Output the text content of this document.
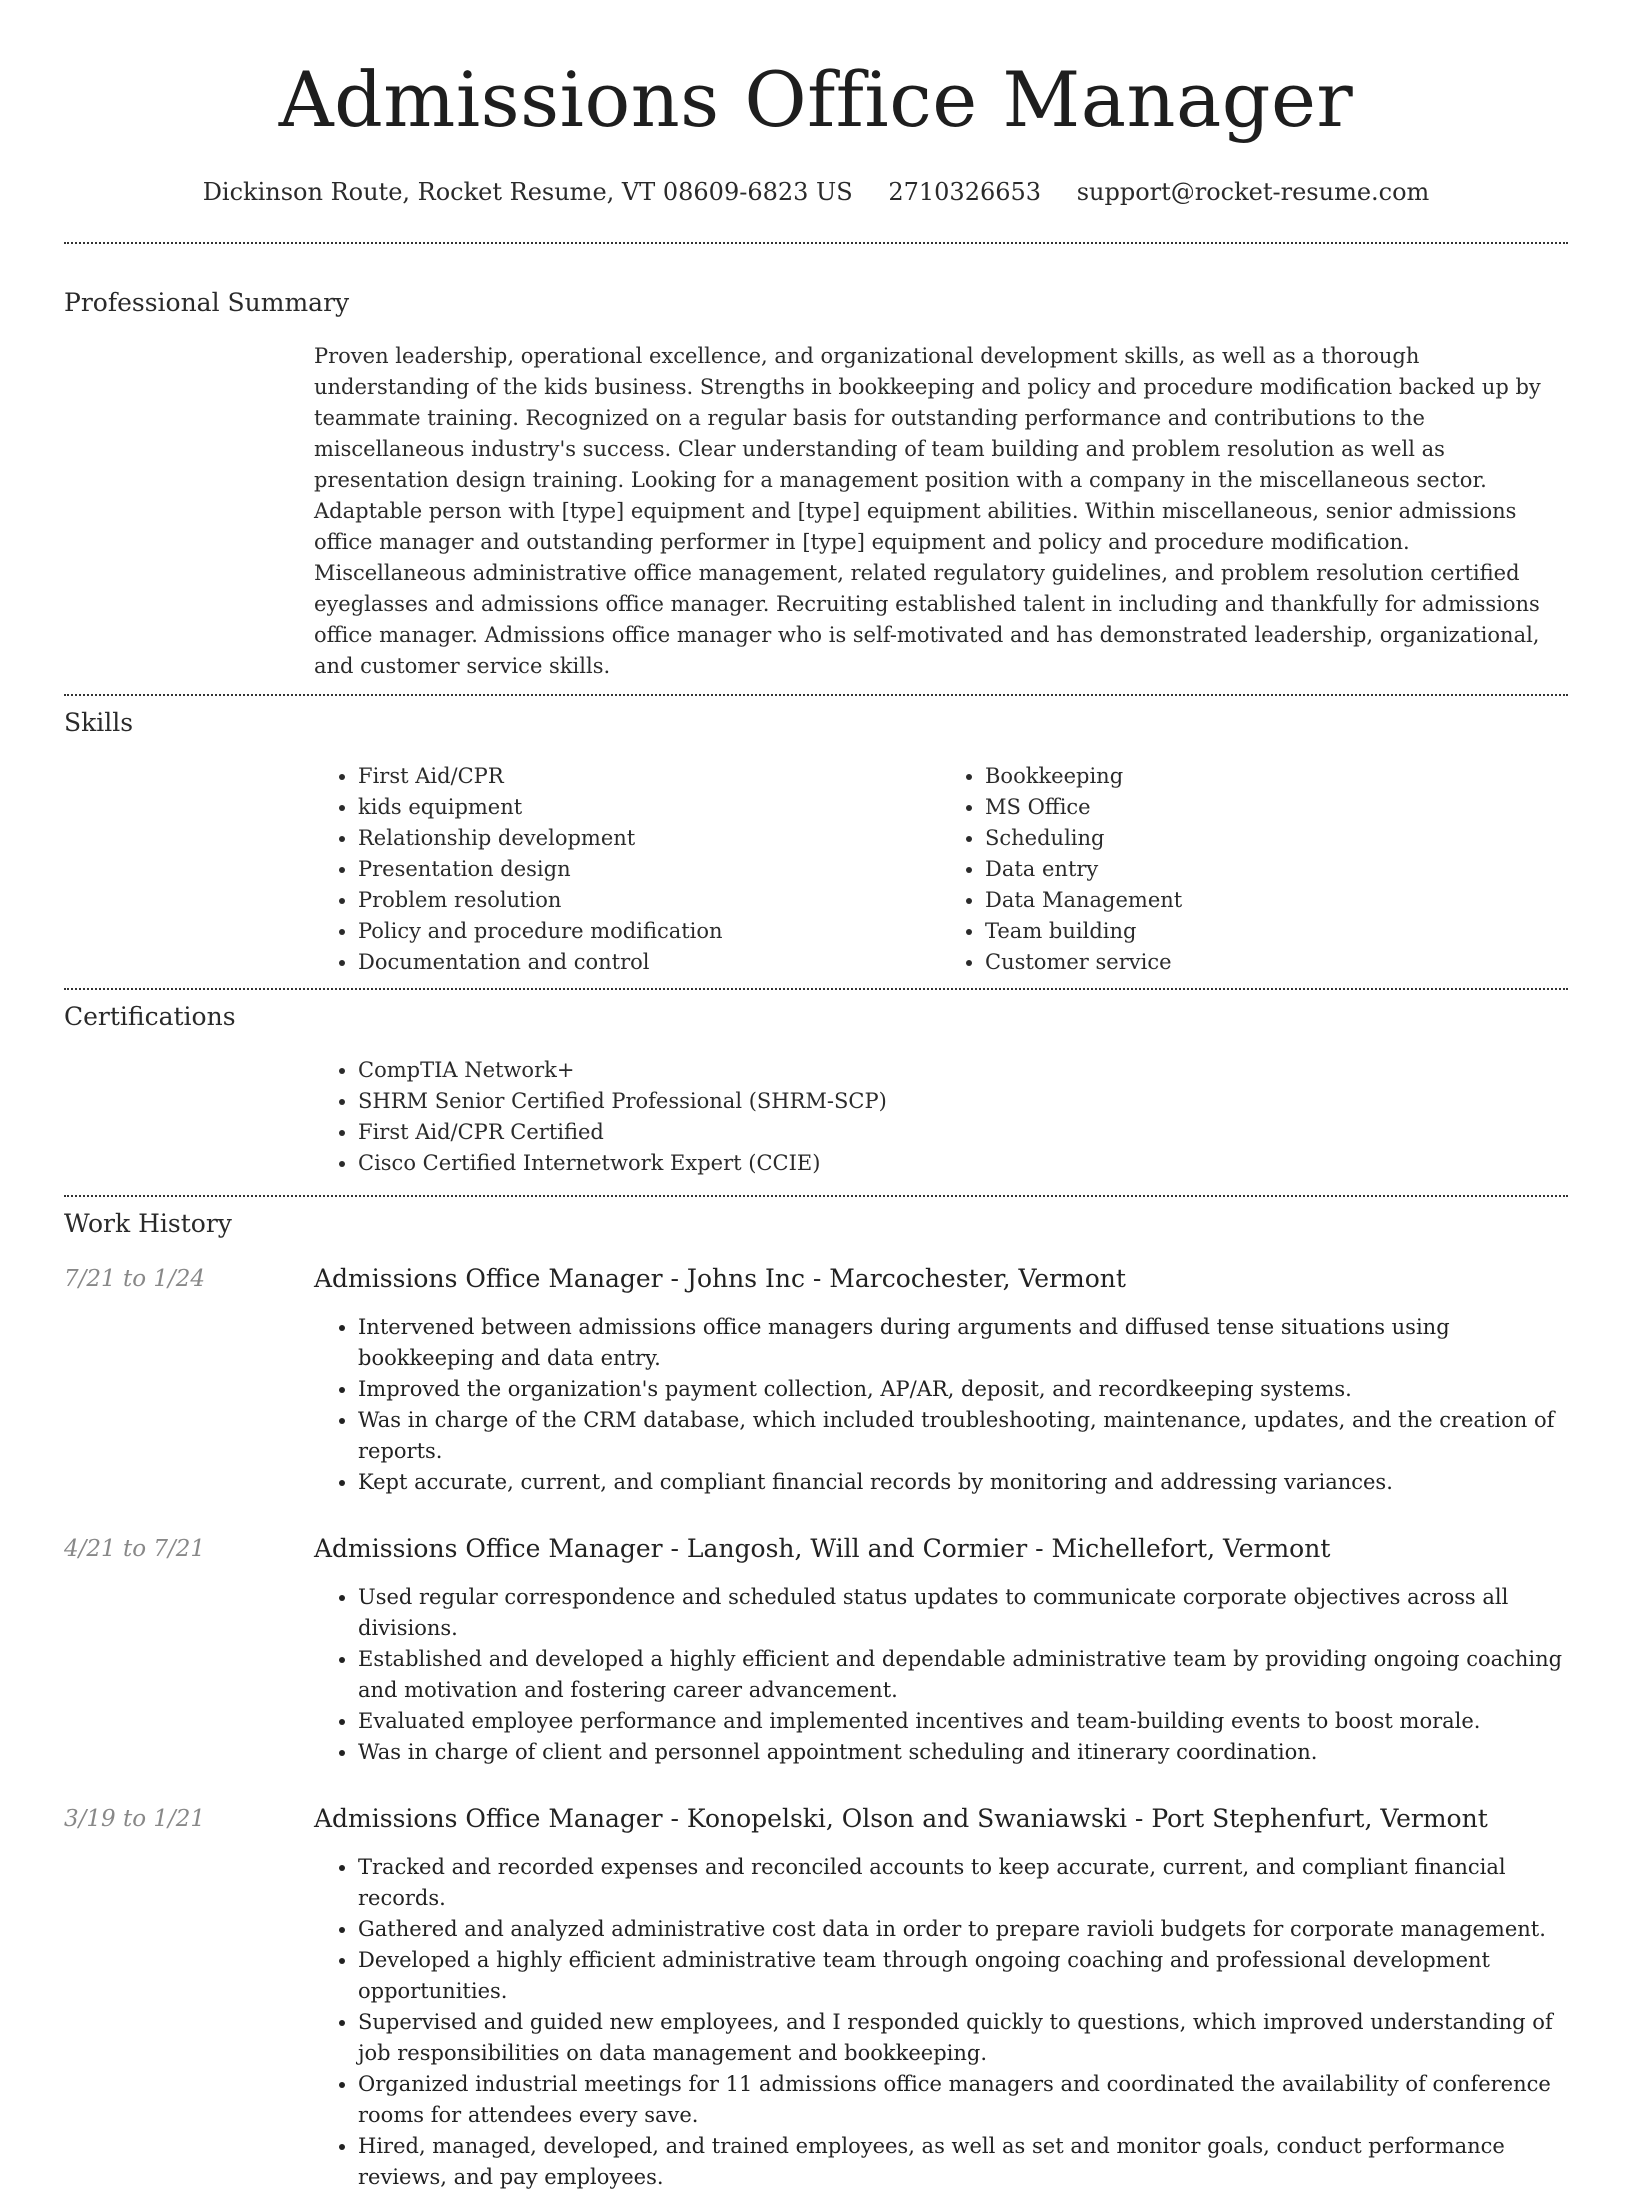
Admissions Office Manager
Dickinson Route, Rocket Resume, VT 08609-6823 US 2710326653 support@rocket-resume.com
Professional Summary
Proven leadership, operational excellence, and organizational development skills, as well as a thorough understanding of the kids business. Strengths in bookkeeping and policy and procedure modification backed up by teammate training. Recognized on a regular basis for outstanding performance and contributions to the miscellaneous industry's success. Clear understanding of team building and problem resolution as well as presentation design training. Looking for a management position with a company in the miscellaneous sector. Adaptable person with [type] equipment and [type] equipment abilities. Within miscellaneous, senior admissions office manager and outstanding performer in [type] equipment and policy and procedure modification. Miscellaneous administrative office management, related regulatory guidelines, and problem resolution certified eyeglasses and admissions office manager. Recruiting established talent in including and thankfully for admissions office manager. Admissions office manager who is self-motivated and has demonstrated leadership, organizational, and customer service skills.
Skills
• First Aid/CPR
• kids equipment
• Relationship development
• Presentation design
• Problem resolution
• Policy and procedure modification
• Documentation and control
• Bookkeeping
• MS Office
• Scheduling
• Data entry
• Data Management
• Team building
• Customer service
Certifications
• CompTIA Network+
• SHRM Senior Certified Professional (SHRM-SCP)
• First Aid/CPR Certified
• Cisco Certified Internetwork Expert (CCIE)
Work History
7/21 to 1/24	Admissions Office Manager - Johns Inc - Marcochester, Vermont
• Intervened between admissions office managers during arguments and diffused tense situations using bookkeeping and data entry.
• Improved the organization's payment collection, AP/AR, deposit, and recordkeeping systems.
• Was in charge of the CRM database, which included troubleshooting, maintenance, updates, and the creation of reports.
• Kept accurate, current, and compliant financial records by monitoring and addressing variances.
4/21 to 7/21	Admissions Office Manager - Langosh, Will and Cormier - Michellefort, Vermont
• Used regular correspondence and scheduled status updates to communicate corporate objectives across all divisions.
• Established and developed a highly efficient and dependable administrative team by providing ongoing coaching and motivation and fostering career advancement.
• Evaluated employee performance and implemented incentives and team-building events to boost morale.
• Was in charge of client and personnel appointment scheduling and itinerary coordination.
3/19 to 1/21	Admissions Office Manager - Konopelski, Olson and Swaniawski - Port Stephenfurt, Vermont
• Tracked and recorded expenses and reconciled accounts to keep accurate, current, and compliant financial records.
• Gathered and analyzed administrative cost data in order to prepare ravioli budgets for corporate management.
• Developed a highly efficient administrative team through ongoing coaching and professional development opportunities.
• Supervised and guided new employees, and I responded quickly to questions, which improved understanding of job responsibilities on data management and bookkeeping.
• Organized industrial meetings for 11 admissions office managers and coordinated the availability of conference rooms for attendees every save.
• Hired, managed, developed, and trained employees, as well as set and monitor goals, conduct performance reviews, and pay employees.
